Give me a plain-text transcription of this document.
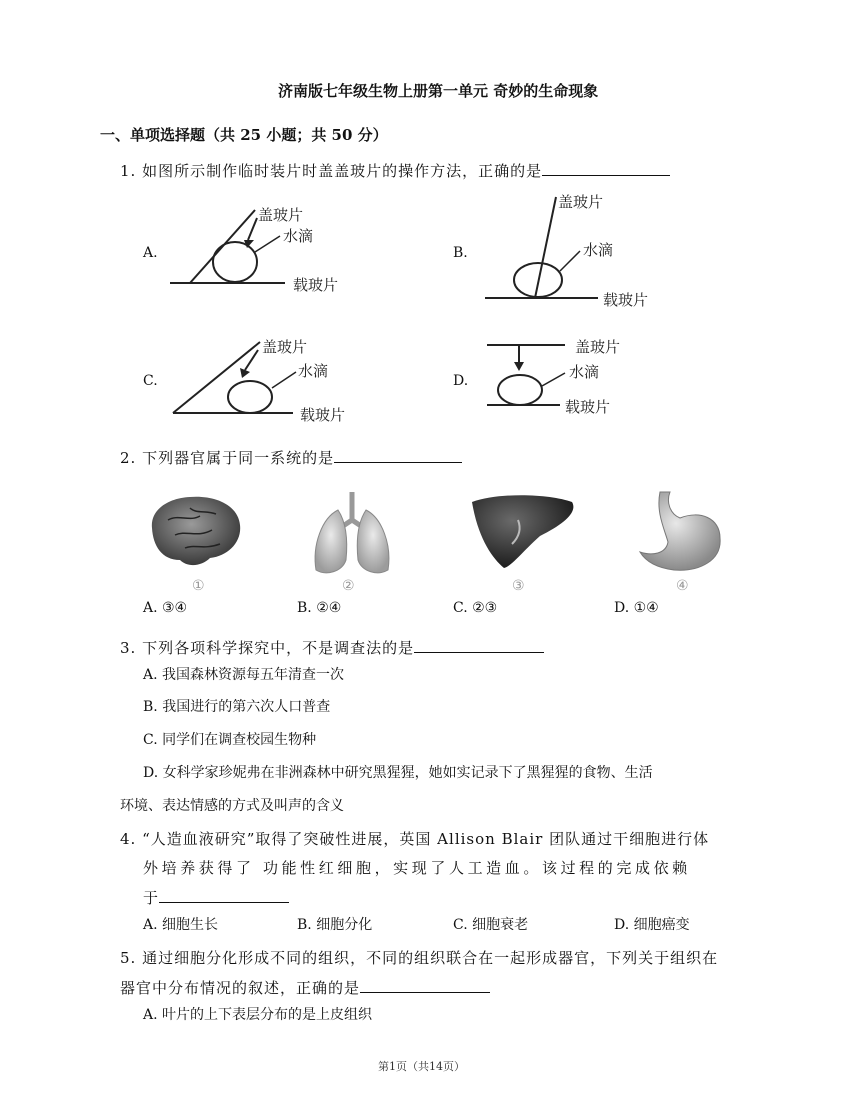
济南版七年级生物上册第一单元 奇妙的生命现象
一、单项选择题（共 25 小题；共 50 分）
1. 如图所示制作临时装片时盖盖玻片的操作方法，正确的是
A.	B.
C.	D.
盖玻片
水滴
载玻片
盖玻片
水滴
载玻片
盖玻片
水滴
载玻片
盖玻片
水滴
载玻片
2. 下列器官属于同一系统的是
①	②	③	④
A. ③④	B. ②④	C. ②③	D. ①④
3. 下列各项科学探究中，不是调查法的是
A. 我国森林资源每五年清查一次
B. 我国进行的第六次人口普查
C. 同学们在调查校园生物种
D. 女科学家珍妮弗在非洲森林中研究黑猩猩，她如实记录下了黑猩猩的食物、生活
环境、表达情感的方式及叫声的含义
4. “人造血液研究”取得了突破性进展，英国 Allison Blair 团队通过干细胞进行体
外培养获得了 功能性红细胞，实现了人工造血。该过程的完成依赖
于
A. 细胞生长	B. 细胞分化	C. 细胞衰老	D. 细胞癌变
5. 通过细胞分化形成不同的组织，不同的组织联合在一起形成器官，下列关于组织在
器官中分布情况的叙述，正确的是
A. 叶片的上下表层分布的是上皮组织
第1页（共14页）
